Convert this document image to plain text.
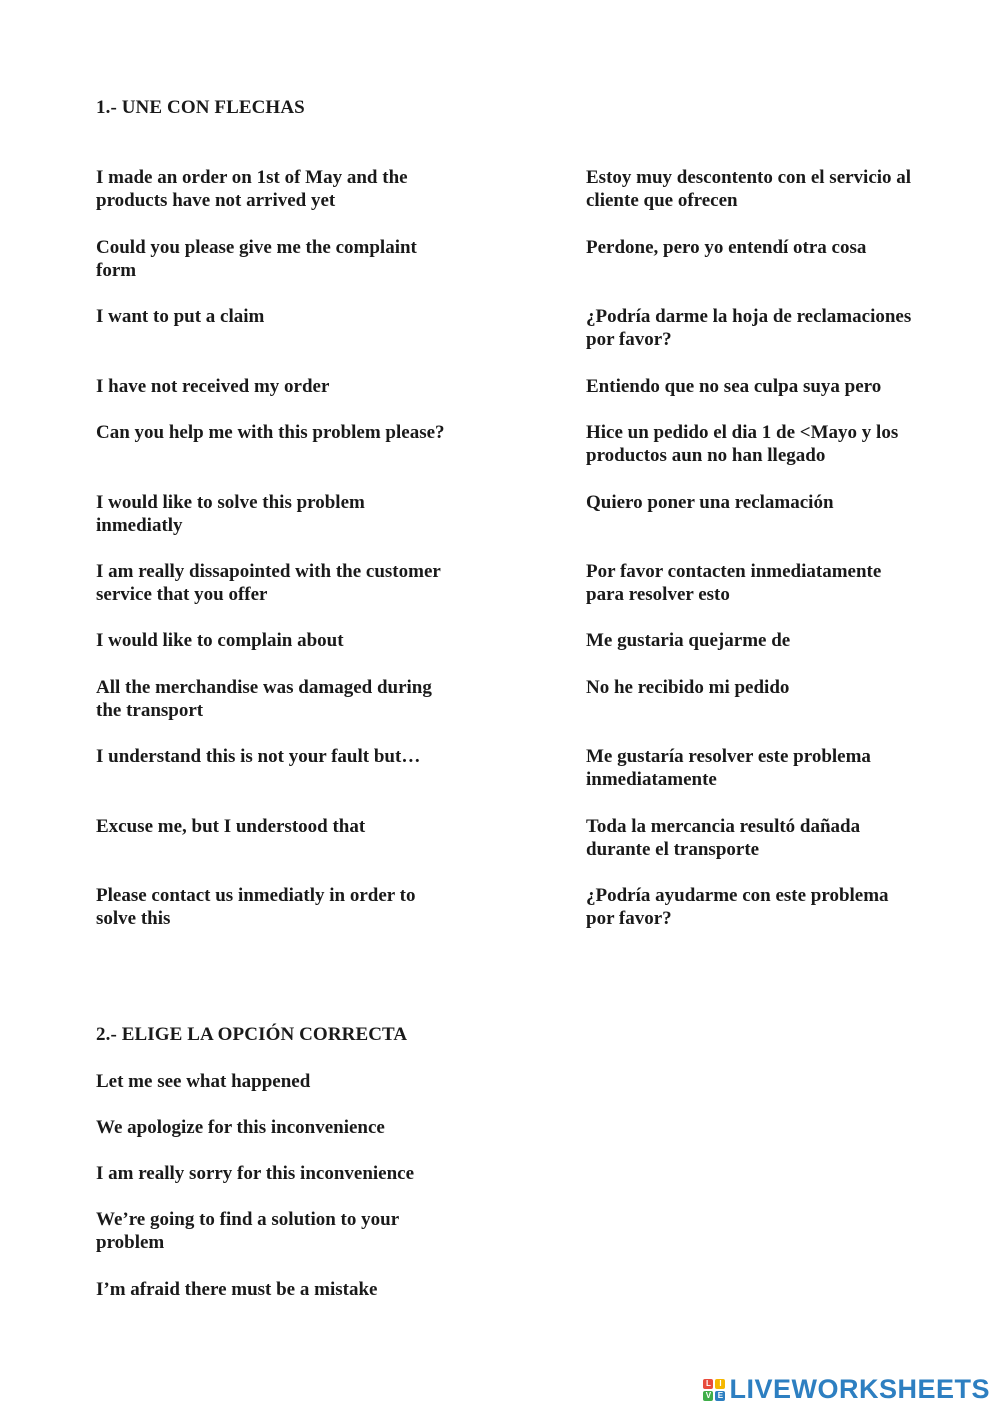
1.- UNE CON FLECHAS
I made an order on 1st of May and the products have not arrived yet
Could you please give me the complaint form
I want to put a claim
I have not received my order
Can you help me with this problem please?
I would like to solve this problem inmediatly
I am really dissapointed with the customer service that you offer
I would like to complain about
All the merchandise was damaged during the transport
I understand this is not your fault but…
Excuse me, but I understood that
Please contact us inmediatly in order to solve this
Estoy muy descontento con el servicio al cliente que ofrecen
Perdone, pero yo entendí otra cosa
¿Podría darme la hoja de reclamaciones por favor?
Entiendo que no sea culpa suya pero
Hice un pedido el dia 1 de <Mayo y los productos aun no han llegado
Quiero poner una reclamación
Por favor contacten inmediatamente para resolver esto
Me gustaria quejarme de
No he recibido mi pedido
Me gustaría resolver este problema inmediatamente
Toda la mercancia resultó dañada durante el transporte
¿Podría ayudarme con este problema por favor?
2.- ELIGE LA OPCIÓN CORRECTA
Let me see what happened
We apologize for this inconvenience
I am really sorry for this inconvenience
We’re going to find a solution to your problem
I’m afraid there must be a mistake
L	I
V E LIVEWORKSHEETS
